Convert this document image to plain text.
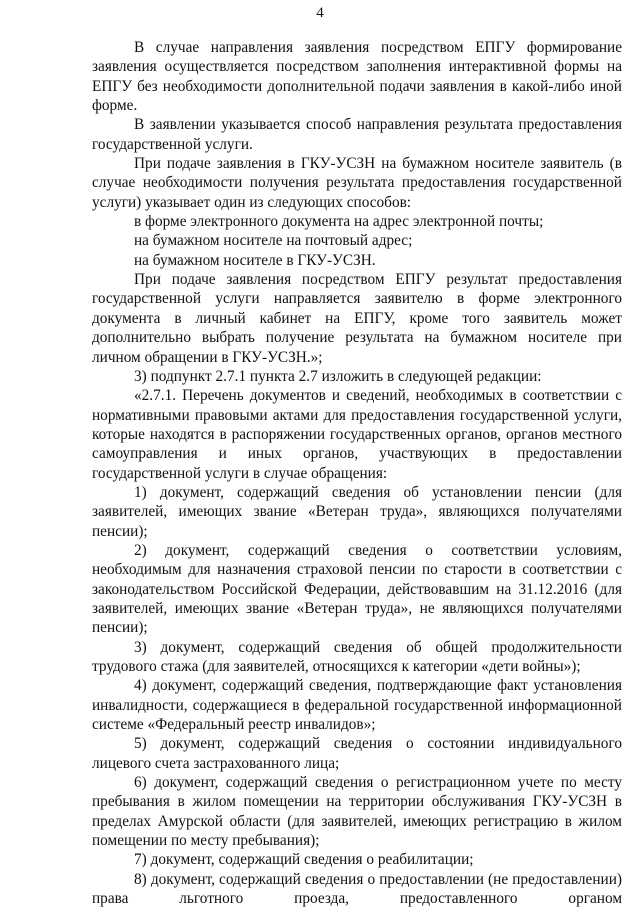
4

В случае направления заявления посредством ЕПГУ формирование заявления осуществляется посредством заполнения интерактивной формы на ЕПГУ без необходимости дополнительной подачи заявления в какой-либо иной форме.

В заявлении указывается способ направления результата предоставления государственной услуги.

При подаче заявления в ГКУ-УСЗН на бумажном носителе заявитель (в случае необходимости получения результата предоставления государственной услуги) указывает один из следующих способов:

в форме электронного документа на адрес электронной почты;

на бумажном носителе на почтовый адрес;

на бумажном носителе в ГКУ-УСЗН.

При подаче заявления посредством ЕПГУ результат предоставления государственной услуги направляется заявителю в форме электронного документа в личный кабинет на ЕПГУ, кроме того заявитель может дополнительно выбрать получение результата на бумажном носителе при личном обращении в ГКУ-УСЗН.»;

3) подпункт 2.7.1 пункта 2.7 изложить в следующей редакции:

«2.7.1. Перечень документов и сведений, необходимых в соответствии с нормативными правовыми актами для предоставления государственной услуги, которые находятся в распоряжении государственных органов, органов местного самоуправления и иных органов, участвующих в предоставлении государственной услуги в случае обращения:

1) документ, содержащий сведения об установлении пенсии (для заявителей, имеющих звание «Ветеран труда», являющихся получателями пенсии);

2) документ, содержащий сведения о соответствии условиям, необходимым для назначения страховой пенсии по старости в соответствии с законодательством Российской Федерации, действовавшим на 31.12.2016 (для заявителей, имеющих звание «Ветеран труда», не являющихся получателями пенсии);

3) документ, содержащий сведения об общей продолжительности трудового стажа (для заявителей, относящихся к категории «дети войны»);

4) документ, содержащий сведения, подтверждающие факт установления инвалидности, содержащиеся в федеральной государственной информационной системе «Федеральный реестр инвалидов»;

5) документ, содержащий сведения о состоянии индивидуального лицевого счета застрахованного лица;

6) документ, содержащий сведения о регистрационном учете по месту пребывания в жилом помещении на территории обслуживания ГКУ-УСЗН в пределах Амурской области (для заявителей, имеющих регистрацию в жилом помещении по месту пребывания);

7) документ, содержащий сведения о реабилитации;

8) документ, содержащий сведения о предоставлении (не предоставлении) права льготного проезда, предоставленного органом
